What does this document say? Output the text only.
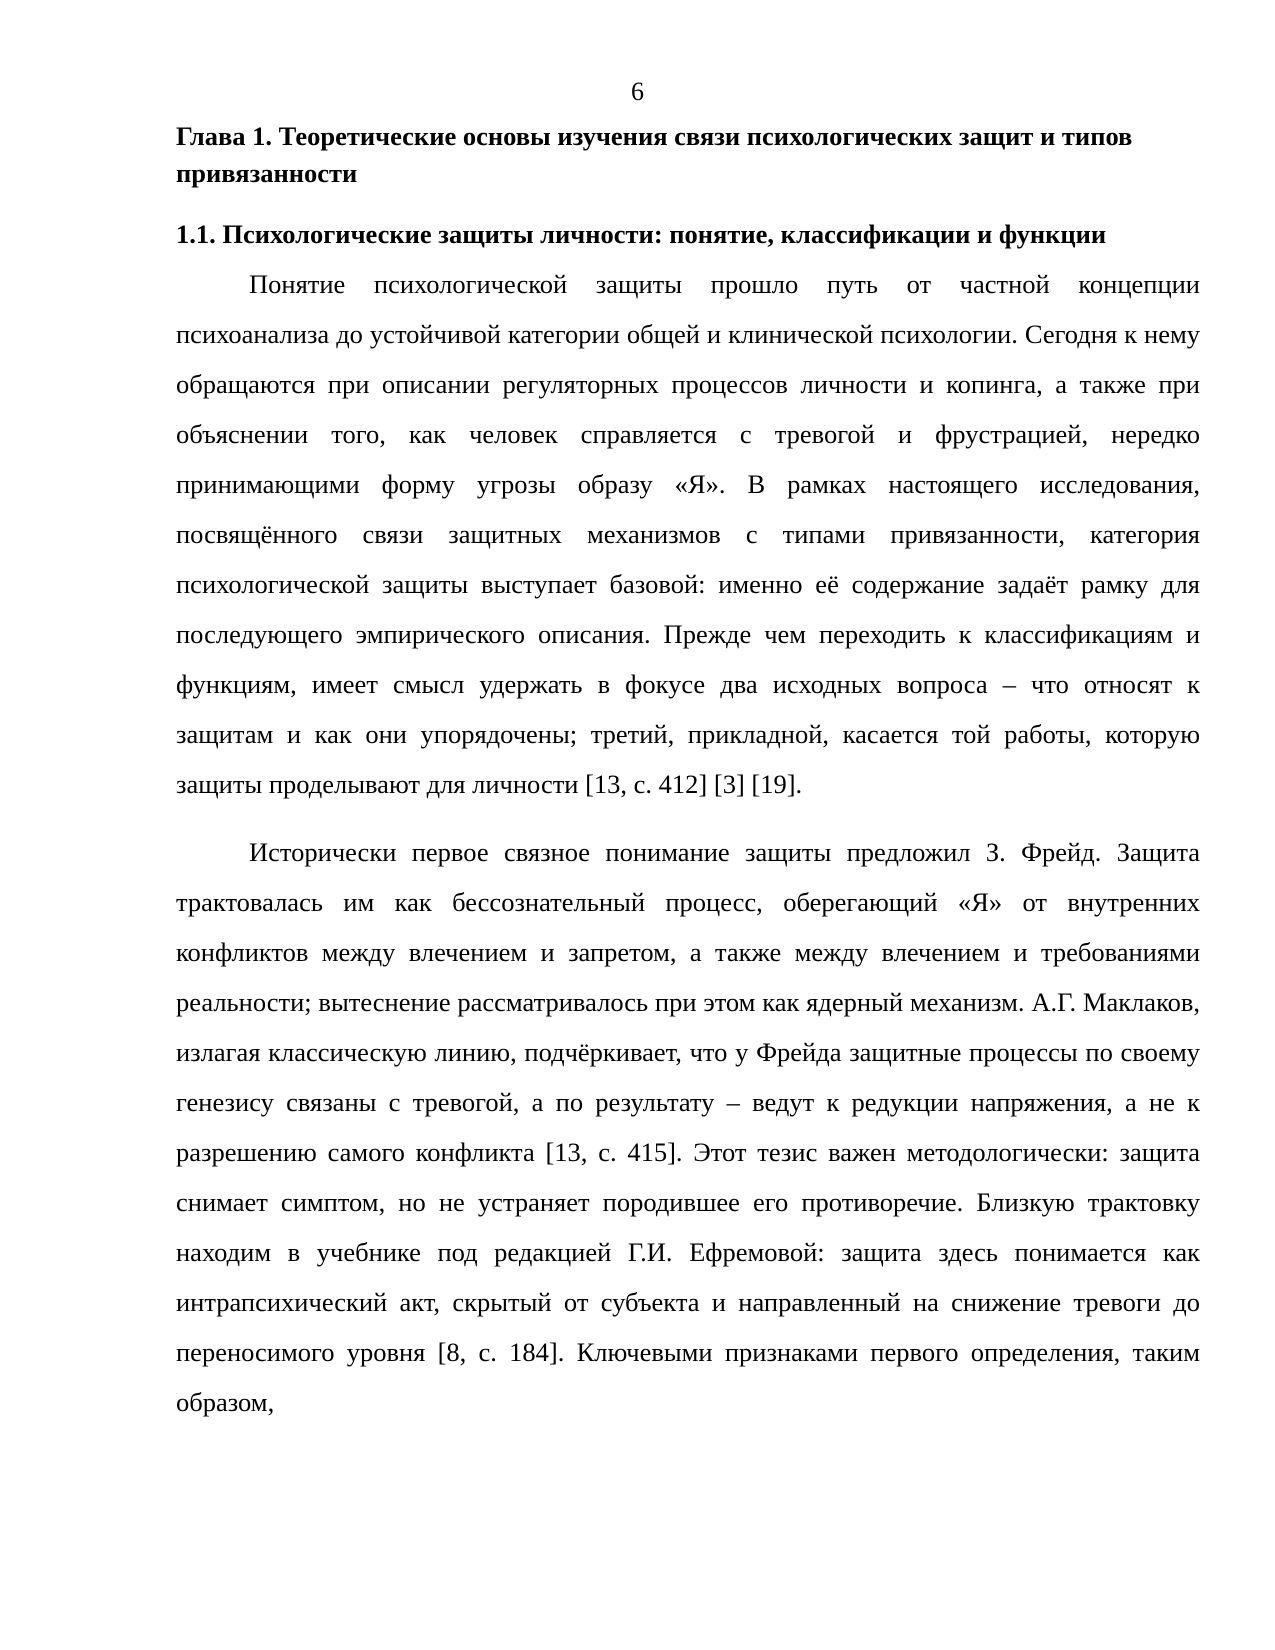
6
Глава 1. Теоретические основы изучения связи психологических защит и типов привязанности
1.1. Психологические защиты личности: понятие, классификации и функции

Понятие психологической защиты прошло путь от частной концепции психоанализа до устойчивой категории общей и клинической психологии. Сегодня к нему обращаются при описании регуляторных процессов личности и копинга, а также при объяснении того, как человек справляется с тревогой и фрустрацией, нередко принимающими форму угрозы образу «Я». В рамках настоящего исследования, посвящённого связи защитных механизмов с типами привязанности, категория психологической защиты выступает базовой: именно её содержание задаёт рамку для последующего эмпирического описания. Прежде чем переходить к классификациям и функциям, имеет смысл удержать в фокусе два исходных вопроса – что относят к защитам и как они упорядочены; третий, прикладной, касается той работы, которую защиты проделывают для личности [13, с. 412] [3] [19].

Исторически первое связное понимание защиты предложил З. Фрейд. Защита трактовалась им как бессознательный процесс, оберегающий «Я» от внутренних конфликтов между влечением и запретом, а также между влечением и требованиями реальности; вытеснение рассматривалось при этом как ядерный механизм. А.Г. Маклаков, излагая классическую линию, подчёркивает, что у Фрейда защитные процессы по своему генезису связаны с тревогой, а по результату – ведут к редукции напряжения, а не к разрешению самого конфликта [13, с. 415]. Этот тезис важен методологически: защита снимает симптом, но не устраняет породившее его противоречие. Близкую трактовку находим в учебнике под редакцией Г.И. Ефремовой: защита здесь понимается как интрапсихический акт, скрытый от субъекта и направленный на снижение тревоги до переносимого уровня [8, с. 184]. Ключевыми признаками первого определения, таким образом,
